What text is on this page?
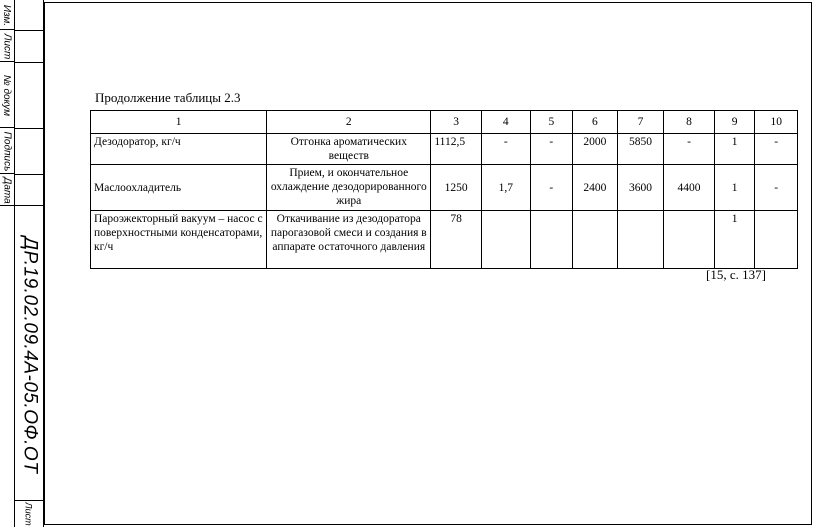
Изм.
Лист
№ докум
Подпись
Дата
ДР.19.02.09.4А-05.ОФ.ОТ
Лист
Продолжение таблицы 2.3
1	2	3	4	5	6	7	8	9	10
Дезодоратор, кг/ч	Отгонка ароматических веществ	1112,5	-	-	2000	5850	-	1	-
Маслоохладитель	Прием, и окончательное охлаждение дезодорированного жира	1250	1,7	-	2400	3600	4400	1	-
Пароэжекторный вакуум – насос с поверхностными конденсаторами, кг/ч	Откачивание из дезодоратора парогазовой смеси и создания в аппарате остаточного давления	78						1	
[15, с. 137]
